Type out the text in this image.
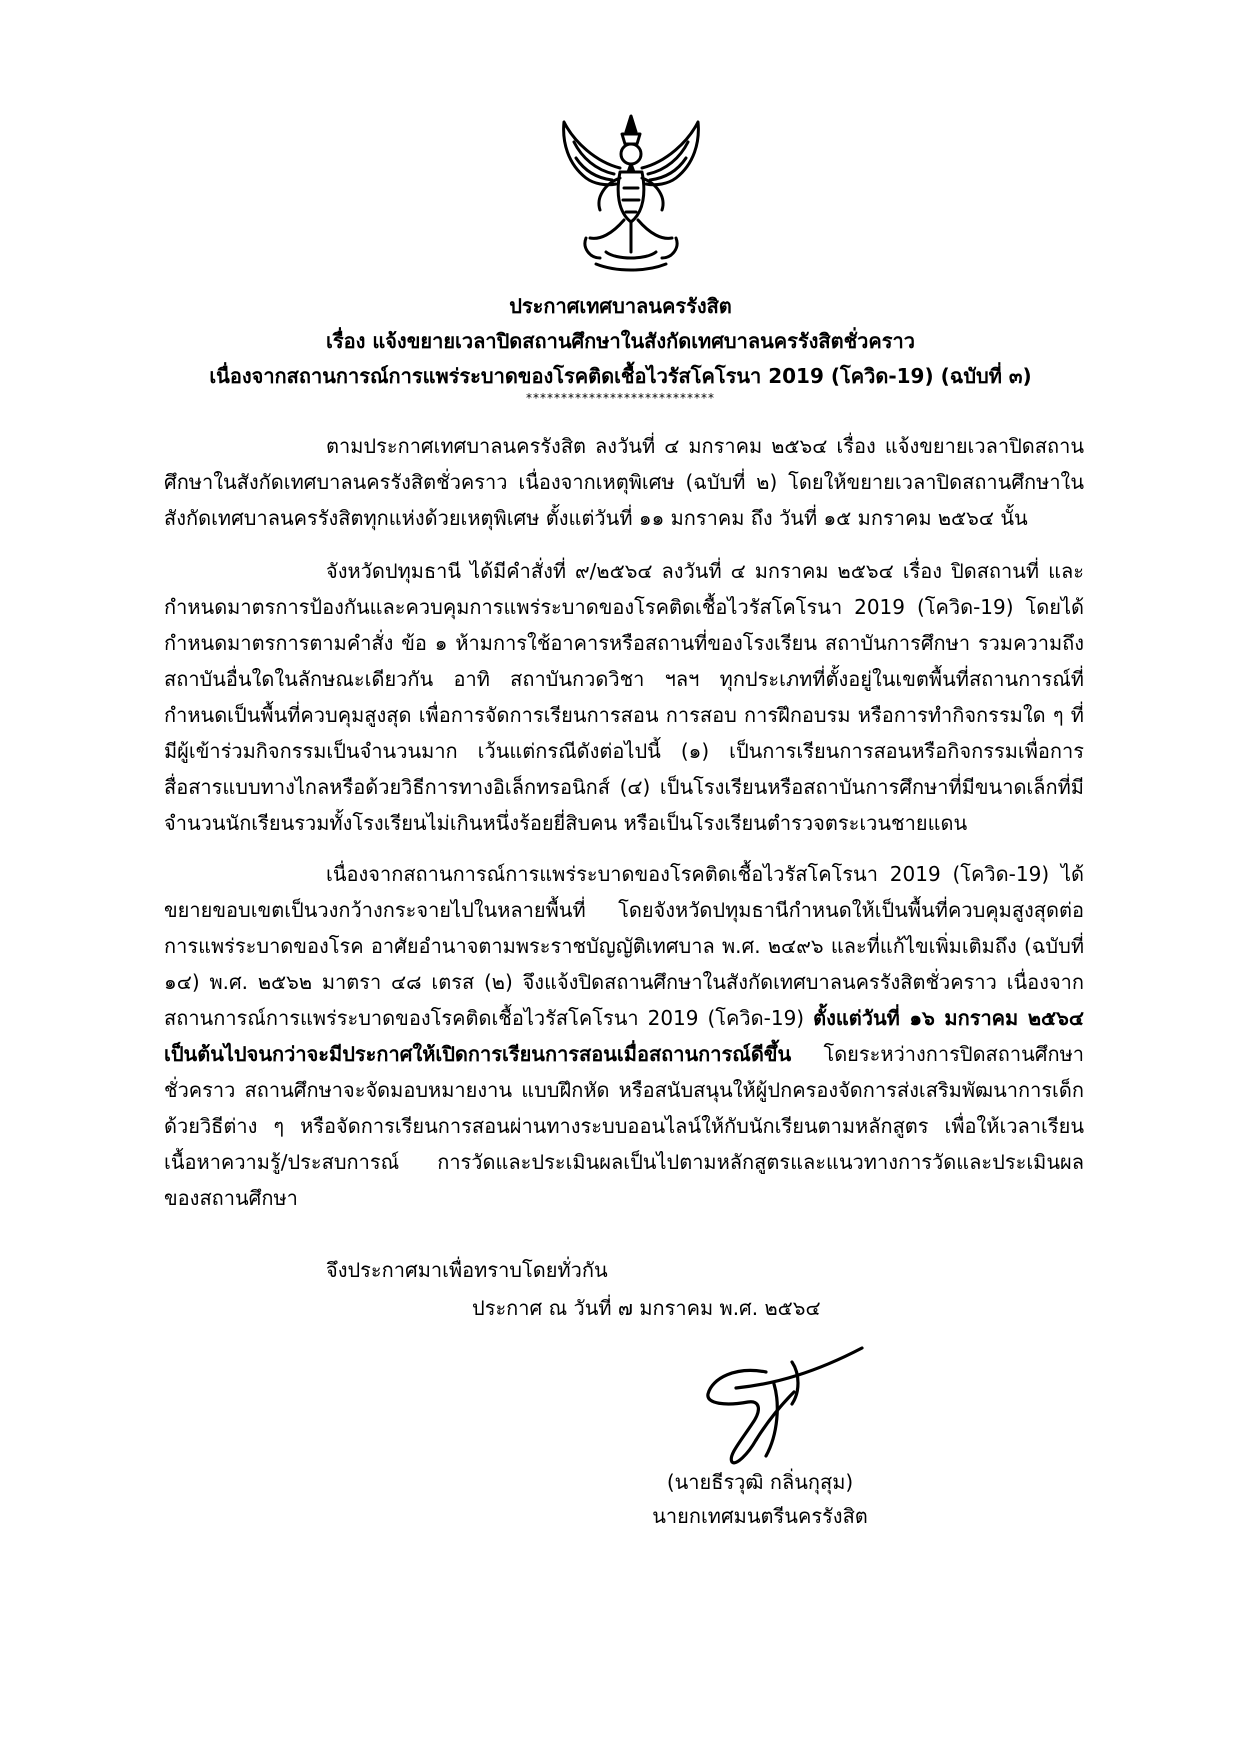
ประกาศเทศบาลนครรังสิต
เรื่อง แจ้งขยายเวลาปิดสถานศึกษาในสังกัดเทศบาลนครรังสิตชั่วคราว
เนื่องจากสถานการณ์การแพร่ระบาดของโรคติดเชื้อไวรัสโคโรนา 2019 (โควิด-19) (ฉบับที่ ๓)
***************************
ตามประกาศเทศบาลนครรังสิต ลงวันที่ ๔ มกราคม ๒๕๖๔ เรื่อง แจ้งขยายเวลาปิดสถานศึกษาในสังกัดเทศบาลนครรังสิตชั่วคราว เนื่องจากเหตุพิเศษ (ฉบับที่ ๒) โดยให้ขยายเวลาปิดสถานศึกษาในสังกัดเทศบาลนครรังสิตทุกแห่งด้วยเหตุพิเศษ ตั้งแต่วันที่ ๑๑ มกราคม ถึง วันที่ ๑๕ มกราคม ๒๕๖๔ นั้น
จังหวัดปทุมธานี ได้มีคำสั่งที่ ๙/๒๕๖๔ ลงวันที่ ๔ มกราคม ๒๕๖๔ เรื่อง ปิดสถานที่ และกำหนดมาตรการป้องกันและควบคุมการแพร่ระบาดของโรคติดเชื้อไวรัสโคโรนา 2019 (โควิด-19) โดยได้กำหนดมาตรการตามคำสั่ง ข้อ ๑ ห้ามการใช้อาคารหรือสถานที่ของโรงเรียน สถาบันการศึกษา รวมความถึงสถาบันอื่นใดในลักษณะเดียวกัน อาทิ สถาบันกวดวิชา ฯลฯ ทุกประเภทที่ตั้งอยู่ในเขตพื้นที่สถานการณ์ที่กำหนดเป็นพื้นที่ควบคุมสูงสุด เพื่อการจัดการเรียนการสอน การสอบ การฝึกอบรม หรือการทำกิจกรรมใด ๆ ที่มีผู้เข้าร่วมกิจกรรมเป็นจำนวนมาก เว้นแต่กรณีดังต่อไปนี้ (๑) เป็นการเรียนการสอนหรือกิจกรรมเพื่อการสื่อสารแบบทางไกลหรือด้วยวิธีการทางอิเล็กทรอนิกส์ (๔) เป็นโรงเรียนหรือสถาบันการศึกษาที่มีขนาดเล็กที่มีจำนวนนักเรียนรวมทั้งโรงเรียนไม่เกินหนึ่งร้อยยี่สิบคน หรือเป็นโรงเรียนตำรวจตระเวนชายแดน
เนื่องจากสถานการณ์การแพร่ระบาดของโรคติดเชื้อไวรัสโคโรนา 2019 (โควิด-19) ได้ขยายขอบเขตเป็นวงกว้างกระจายไปในหลายพื้นที่ โดยจังหวัดปทุมธานีกำหนดให้เป็นพื้นที่ควบคุมสูงสุดต่อการแพร่ระบาดของโรค อาศัยอำนาจตามพระราชบัญญัติเทศบาล พ.ศ. ๒๔๙๖ และที่แก้ไขเพิ่มเติมถึง (ฉบับที่ ๑๔) พ.ศ. ๒๕๖๒ มาตรา ๔๘ เตรส (๒) จึงแจ้งปิดสถานศึกษาในสังกัดเทศบาลนครรังสิตชั่วคราว เนื่องจากสถานการณ์การแพร่ระบาดของโรคติดเชื้อไวรัสโคโรนา 2019 (โควิด-19) ตั้งแต่วันที่ ๑๖ มกราคม ๒๕๖๔ เป็นต้นไปจนกว่าจะมีประกาศให้เปิดการเรียนการสอนเมื่อสถานการณ์ดีขึ้น โดยระหว่างการปิดสถานศึกษาชั่วคราว สถานศึกษาจะจัดมอบหมายงาน แบบฝึกหัด หรือสนับสนุนให้ผู้ปกครองจัดการส่งเสริมพัฒนาการเด็กด้วยวิธีต่าง ๆ หรือจัดการเรียนการสอนผ่านทางระบบออนไลน์ให้กับนักเรียนตามหลักสูตร เพื่อให้เวลาเรียนเนื้อหาความรู้/ประสบการณ์ การวัดและประเมินผลเป็นไปตามหลักสูตรและแนวทางการวัดและประเมินผลของสถานศึกษา
จึงประกาศมาเพื่อทราบโดยทั่วกัน
ประกาศ ณ วันที่ ๗ มกราคม พ.ศ. ๒๕๖๔
(นายธีรวุฒิ กลิ่นกุสุม)
นายกเทศมนตรีนครรังสิต
